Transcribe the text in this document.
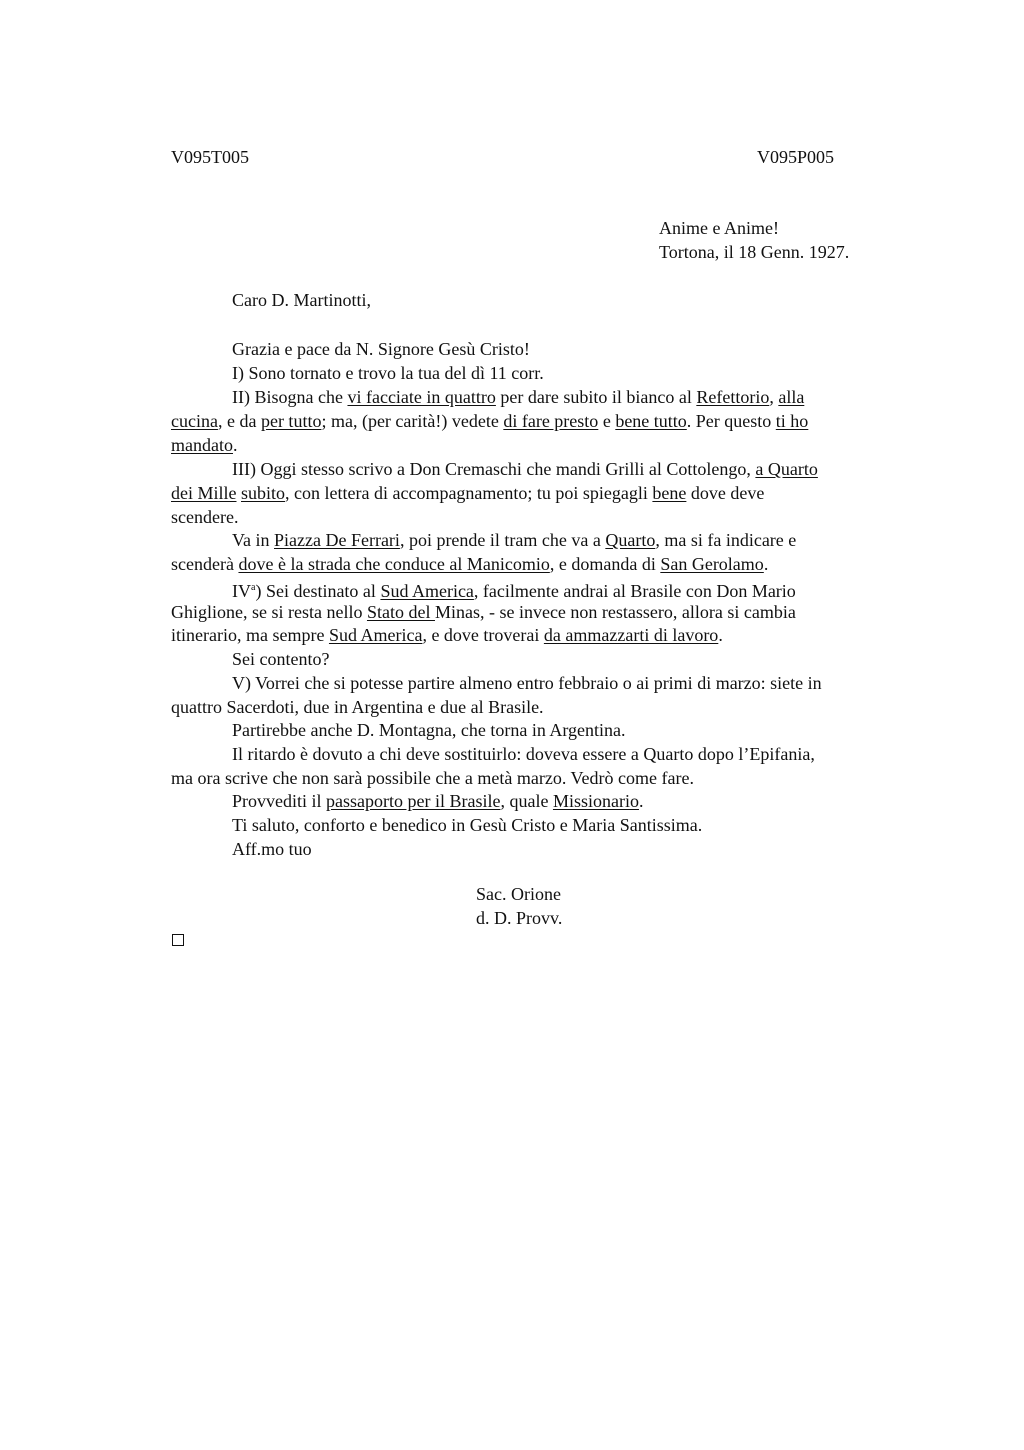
V095T005	V095P005
Anime e Anime!
Tortona, il 18 Genn. 1927.
Caro D. Martinotti,
Grazia e pace da N. Signore Gesù Cristo!
I) Sono tornato e trovo la tua del dì 11 corr.
II) Bisogna che vi facciate in quattro per dare subito il bianco al Refettorio, alla
cucina, e da per tutto; ma, (per carità!) vedete di fare presto e bene tutto. Per questo ti ho
mandato.
III) Oggi stesso scrivo a Don Cremaschi che mandi Grilli al Cottolengo, a Quarto
dei Mille subito, con lettera di accompagnamento; tu poi spiegagli bene dove deve
scendere.
Va in Piazza De Ferrari, poi prende il tram che va a Quarto, ma si fa indicare e
scenderà dove è la strada che conduce al Manicomio, e domanda di San Gerolamo.
$IV^a$) Sei destinato al Sud America, facilmente andrai al Brasile con Don Mario
Ghiglione, se si resta nello Stato del Minas, - se invece non restassero, allora si cambia
itinerario, ma sempre Sud America, e dove troverai da ammazzarti di lavoro.
Sei contento?
V) Vorrei che si potesse partire almeno entro febbraio o ai primi di marzo: siete in
quattro Sacerdoti, due in Argentina e due al Brasile.
Partirebbe anche D. Montagna, che torna in Argentina.
Il ritardo è dovuto a chi deve sostituirlo: doveva essere a Quarto dopo l’Epifania,
ma ora scrive che non sarà possibile che a metà marzo. Vedrò come fare.
Provvediti il passaporto per il Brasile, quale Missionario.
Ti saluto, conforto e benedico in Gesù Cristo e Maria Santissima.
Aff.mo tuo
Sac. Orione
d. D. Provv.
